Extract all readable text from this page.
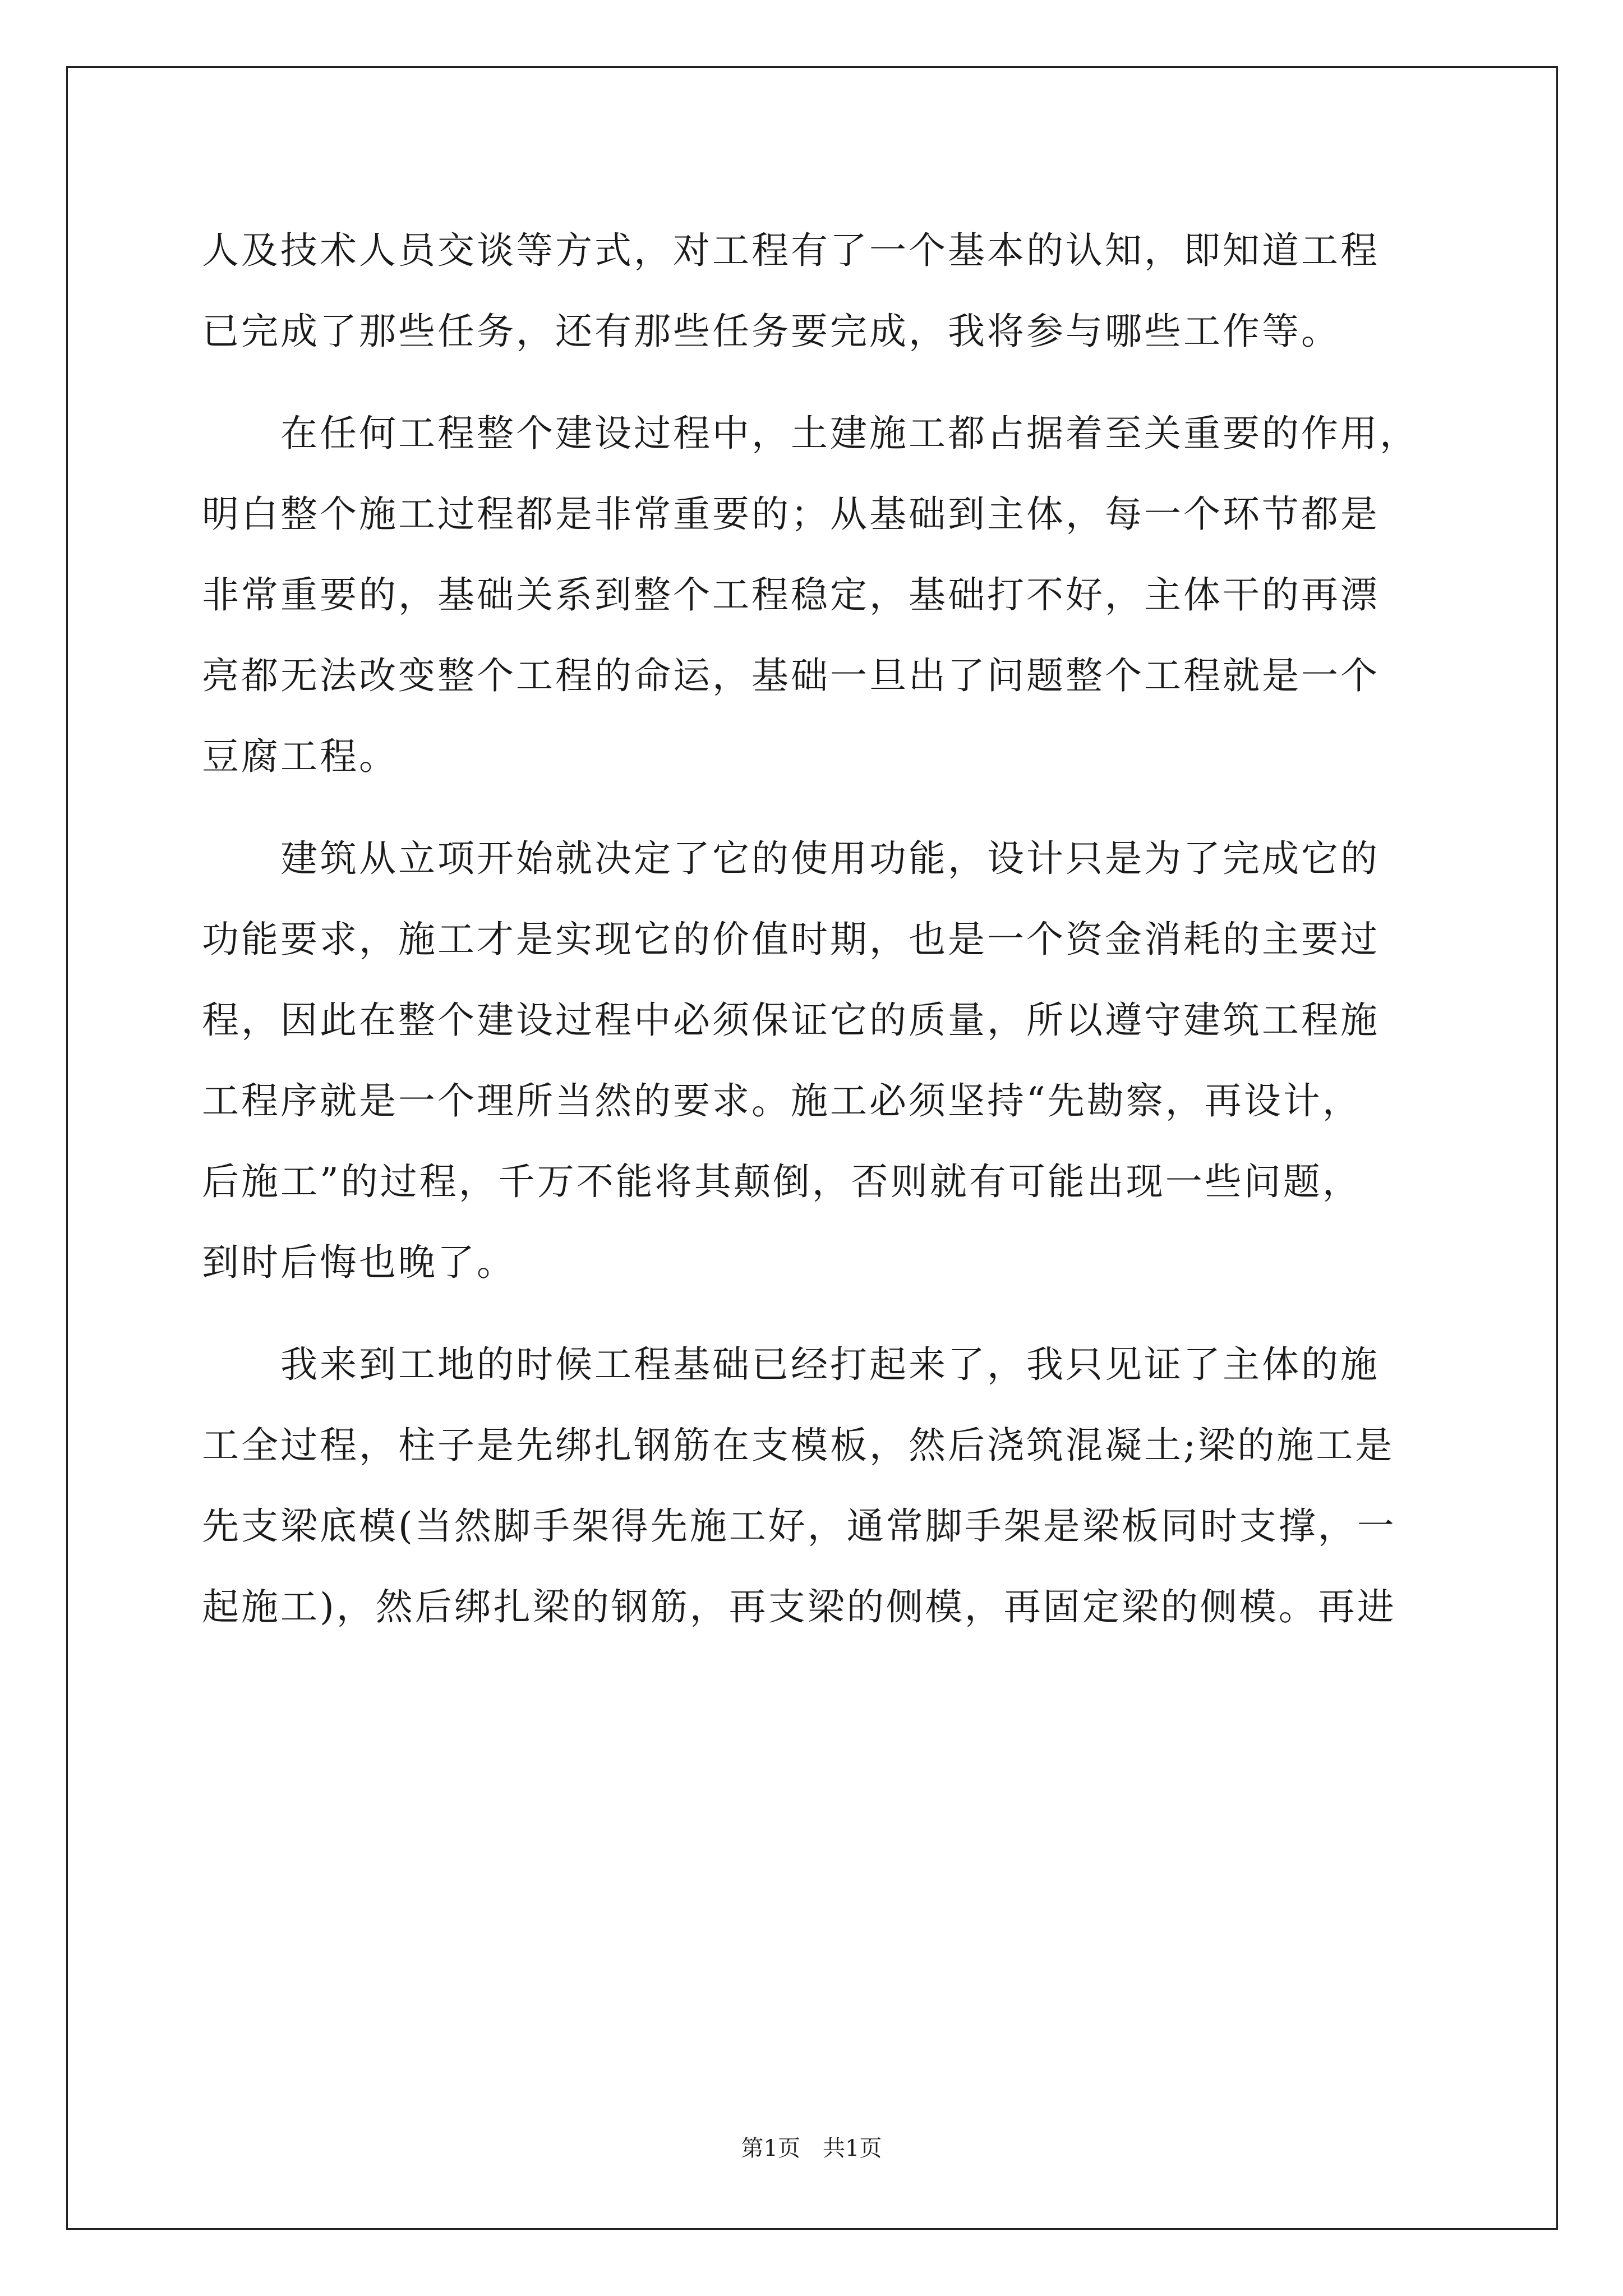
人及技术人员交谈等方式，对工程有了一个基本的认知，即知道工程
已完成了那些任务，还有那些任务要完成，我将参与哪些工作等。
　　在任何工程整个建设过程中，土建施工都占据着至关重要的作用，
明白整个施工过程都是非常重要的；从基础到主体，每一个环节都是
非常重要的，基础关系到整个工程稳定，基础打不好，主体干的再漂
亮都无法改变整个工程的命运，基础一旦出了问题整个工程就是一个
豆腐工程。
　　建筑从立项开始就决定了它的使用功能，设计只是为了完成它的
功能要求，施工才是实现它的价值时期，也是一个资金消耗的主要过
程，因此在整个建设过程中必须保证它的质量，所以遵守建筑工程施
工程序就是一个理所当然的要求。施工必须坚持“先勘察，再设计，
后施工”的过程，千万不能将其颠倒，否则就有可能出现一些问题，
到时后悔也晚了。
　　我来到工地的时候工程基础已经打起来了，我只见证了主体的施
工全过程，柱子是先绑扎钢筋在支模板，然后浇筑混凝土;梁的施工是
先支梁底模(当然脚手架得先施工好，通常脚手架是梁板同时支撑，一
起施工)，然后绑扎梁的钢筋，再支梁的侧模，再固定梁的侧模。再进
第1页 共1页
